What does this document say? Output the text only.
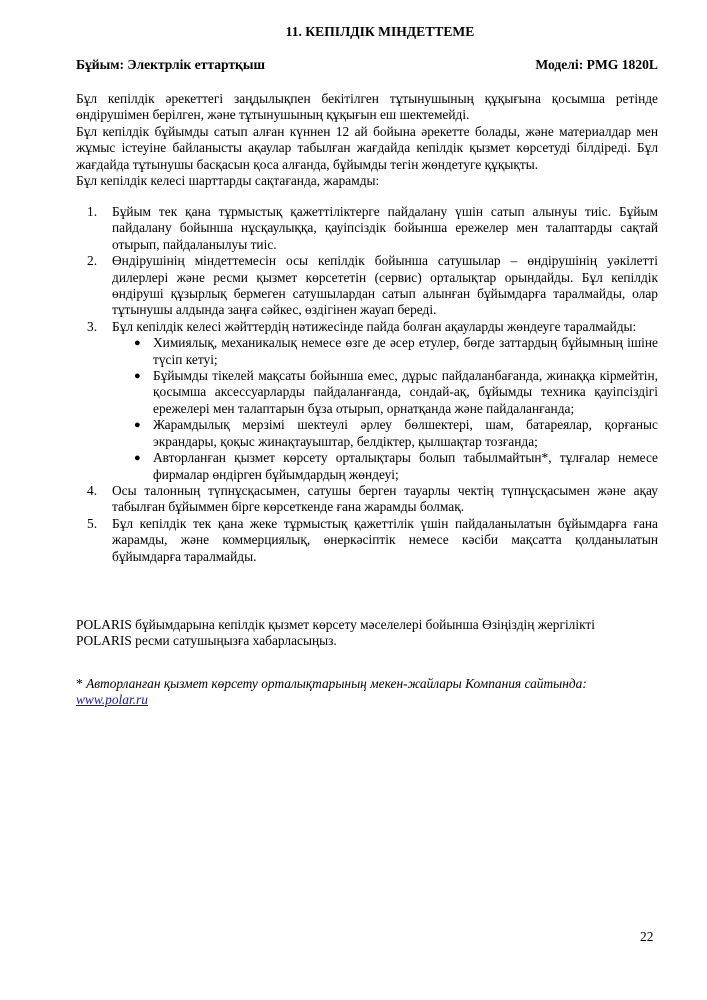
11. КЕПІЛДІК МІНДЕТТЕМЕ
Бұйым: Электрлік еттартқыш	Моделі: PMG 1820L

Бұл кепілдік әрекеттегі заңдылықпен бекітілген тұтынушының құқығына қосымша ретінде өндірушімен берілген, және тұтынушының құқығын еш шектемейді.

Бұл кепілдік бұйымды сатып алған күннен 12 ай бойына әрекетте болады, және материалдар мен жұмыс істеуіне байланысты ақаулар табылған жағдайда кепілдік қызмет көрсетуді білдіреді. Бұл жағдайда тұтынушы басқасын қоса алғанда, бұйымды тегін жөндетуге құқықты.

Бұл кепілдік келесі шарттарды сақтағанда, жарамды:

1. Бұйым тек қана тұрмыстық қажеттіліктерге пайдалану үшін сатып алынуы тиіс. Бұйым пайдалану бойынша нұсқаулыққа, қауіпсіздік бойынша ережелер мен талаптарды сақтай отырып, пайдаланылуы тиіс.
2. Өндірушінің міндеттемесін осы кепілдік бойынша сатушылар – өндірушінің уәкілетті дилерлері және ресми қызмет көрсететін (сервис) орталықтар орындайды. Бұл кепілдік өндіруші құзырлық бермеген сатушылардан сатып алынған бұйымдарға таралмайды, олар тұтынушы алдында заңға сәйкес, өздігінен жауап береді.
3. Бұл кепілдік келесі жәйттердің нәтижесінде пайда болған ақауларды жөндеуге таралмайды:
● Химиялық, механикалық немесе өзге де әсер етулер, бөгде заттардың бұйымның ішіне түсіп кетуі;
● Бұйымды тікелей мақсаты бойынша емес, дұрыс пайдаланбағанда, жинаққа кірмейтін, қосымша аксессуарларды пайдаланғанда, сондай-ақ, бұйымды техника қауіпсіздігі ережелері мен талаптарын бұза отырып, орнатқанда және пайдаланғанда;
● Жарамдылық мерзімі шектеулі әрлеу бөлшектері, шам, батареялар, қорғаныс экрандары, қоқыс жинақтауыштар, белдіктер, қылшақтар тозғанда;
● Авторланған қызмет көрсету орталықтары болып табылмайтын*, тұлғалар немесе фирмалар өндірген бұйымдардың жөндеуі;
4. Осы талонның түпнұсқасымен, сатушы берген тауарлы чектің түпнұсқасымен және ақау табылған бұйыммен бірге көрсеткенде ғана жарамды болмақ.
5. Бұл кепілдік тек қана жеке тұрмыстық қажеттілік үшін пайдаланылатын бұйымдарға ғана жарамды, және коммерциялық, өнеркәсіптік немесе кәсіби мақсатта қолданылатын бұйымдарға таралмайды.

POLARIS бұйымдарына кепілдік қызмет көрсету мәселелері бойынша Өзіңіздің жергілікті

POLARIS ресми сатушыңызға хабарласыңыз.

* Авторланған қызмет көрсету орталықтарының мекен-жайлары Компания сайтында:
www.polar.ru
22
